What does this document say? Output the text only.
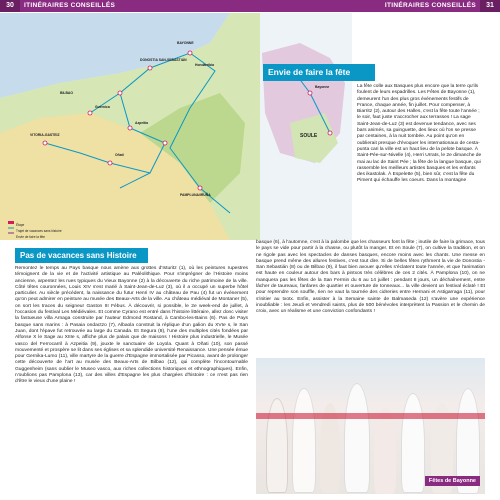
30	ITINÉRAIRES CONSEILLÉS	ITINÉRAIRES CONSEILLÉS	31
BAYONNE
DONOSTIA SAN-SEBASTIÁN
BILBAO
VITORIA-GASTEIZ
PAMPLUNA/IRUÑA
Guernica
Hondarribia
Azpeitia
Oñati
Bayonne
SOULE
Étape
Trajet de vacances sans histoire
Envie de faire la fête
Envie de faire la fête
La fête colle aux Basques plus encore que la terre qu'ils foulent de leurs espadrilles. Les Fêtes de Bayonne (1), demeurent l'un des plus gros événements festifs de France, chaque année, fin juillet. Pour compenser, à Biarritz (2), autour des Halles, c'est la fête toute l'année ; le soir, faut juste s'accrocher aux terrasses ! La sage Saint-Jean-de-Luz (3) est devenue tendance, avec ses bars animés, sa guinguette, des lieux où l'on se presse par centaines, à la nuit tombée. Au point qu'on en oublierait presque d'évoquer les internationaux de cesta-punta cari la ville est un haut lieu de la pelote basque. À Saint-Pée-sur-Nivelle (4), Herri Urrats, le 2e dimanche de mai au lac de Saint Pée ; la fête de la langue basque, qui rassemble les meilleurs artistes basques et les enfants des ikastolak. À Espelette (5), bien sûr, c'est la fête du Piment qui échauffe les coeurs. Dans la montagne
Pas de vacances sans Histoire
Remontez le temps au Pays basque nous amène aux grottes d'Isturitz (1), où les peintures rupestres témoignent de la vie et de l'activité artistique au Paléolithique. Pour s'imprégner de l'Histoire moins ancienne, arpentez les rues typiques du Vieux Bayonne (2) à la découverte du riche patrimoine de la ville. Côté têtes couronnées, Louis XIV s'est marié à Saint-Jean-de-Luz (3), où il a occupé un superbe hôtel particulier. Au siècle précédent, la naissance du futur Henri IV au château de Pau (4) fut un événement qu'on peut admirer en peinture au musée des Beaux-Arts de la ville. Au château médiéval de Montaner (5), on sort les traces du seigneur Gaston III Fébus. À découvrir, si possible, le 2e week-end de juillet, à l'occasion du festival Les Médiévales. Et comme Cyrano est entré dans l'histoire littéraire, allez donc visiter la fastueuse villa Arnaga construite par l'auteur Edmond Rostand, à Cambo-les-Bains (6). Pas de Pays basque sans marins : à Pasaia ondactzo (7), Albaola construit la réplique d'un galion du XVIe s, le San Juan, dont l'épave fut retrouvée au large du Canada. Et Segura (8), l'une des multiples cités fondées par Alfonse X le Sage au XIIIe s, affiche plus de palais que de maisons ! Histoire plus industrielle, le Musée vasco del Ferrocarril à Azpeitia (9), jouxte le sanctuaire de Loyola. Quant à Oñati (10), son passé mouvementé et prospère se lit dans ses églises et sa splendide université Renaissance. Une pensée émue pour Gernika-Lumo (11), ville martyre de la guerre d'Espagne immortalisée par Picasso, avant de prolonger cette découverte de l'art au musée des Beaux-Arts de Bilbao (12), qui complète l'incontournable Guggenheim (sans oublier le Museo vasco, aux riches collections historiques et ethnographiques). Enfin, n'oublions pas Pamplona (13), car des villes d'Espagne les plus chargées d'histoire : ce n'est pas rien d'être le vieux d'une plaine !
basque (6), à l'automne, c'est à la palombe que les chasseurs font la fête ; inutile de faire la grimace, tous le pays se vide pour partir à la chasse, ou plutôt la manger. Et en Soule (7), on cultive la tradition, et on ne rigole pas avec les spectacles de danses basques, encore moins avec les chants. Une messe en basque prend même des allures festives, c'est tout dire. Si de belles fêtes rythment la vie de Donostia - San Sebastián (8) ou de Bilbao (9), il faut bien avouer qu'elles s'éclatent toute l'année, et que l'animation est haute en couleur autour des bars à pintxos très célèbres de ces 2 cités. À Pamplona (10), on ne manquera pas les fêtes de la San Fermin du 6 au 14 juillet : pendant 8 jours, un déchaînement, entre lâcher de taureaux, fanfares de quartier et ouverture de tonneaux... la ville devient un festival éclaté ! Et pour reprendre son souffle, rien ne vaut la tournée des cidreries entre Hernani et Astigarraga (11), pour s'initier au txotx. Enfin, assister à la Semaine sainte de Balmaseda (12) s'avère une expérience inoubliable : les Jeudi et Vendredi saints, plus de 500 bénévoles interprètent la Passion et le chemin de croix, avec un réalisme et une conviction confondants !
Fêtes de Bayonne
